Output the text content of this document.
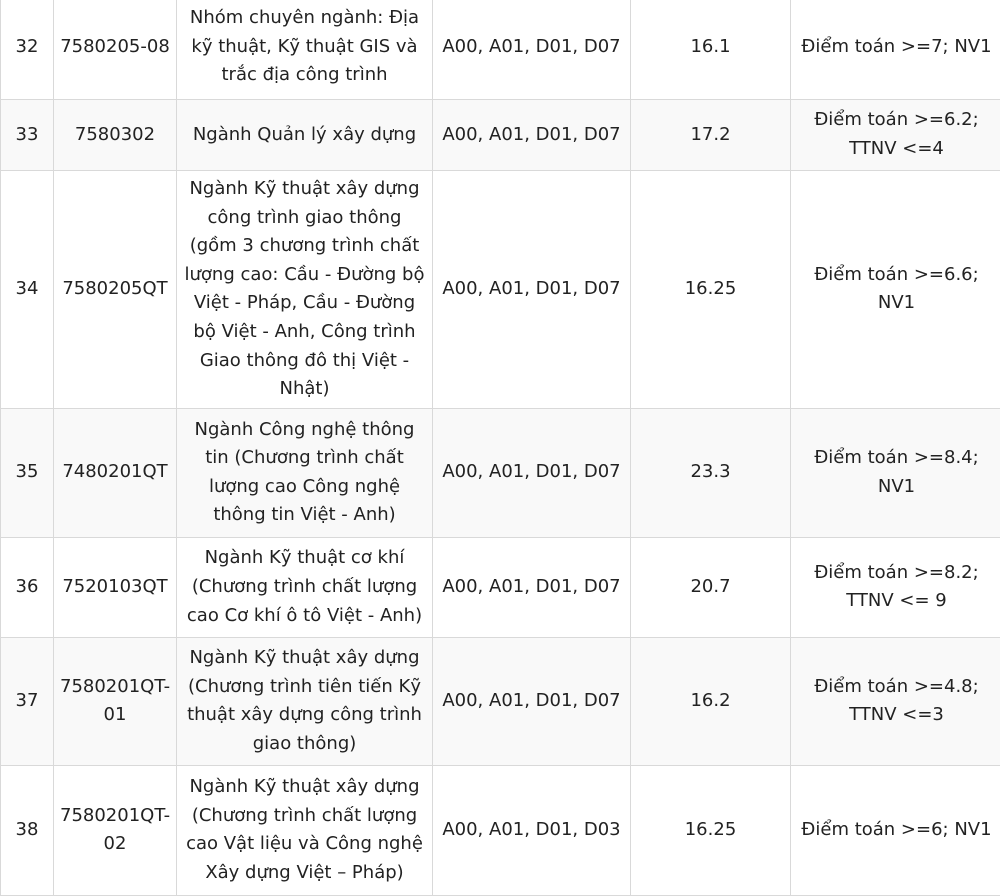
32	7580205-08	Nhóm chuyên ngành: Địa kỹ thuật, Kỹ thuật GIS và trắc địa công trình	A00, A01, D01, D07	16.1	Điểm toán >=7; NV1
33	7580302	Ngành Quản lý xây dựng	A00, A01, D01, D07	17.2	Điểm toán >=6.2; TTNV <=4
34	7580205QT	Ngành Kỹ thuật xây dựng công trình giao thông (gồm 3 chương trình chất lượng cao: Cầu - Đường bộ Việt - Pháp, Cầu - Đường bộ Việt - Anh, Công trình Giao thông đô thị Việt - Nhật)	A00, A01, D01, D07	16.25	Điểm toán >=6.6; NV1
35	7480201QT	Ngành Công nghệ thông tin (Chương trình chất lượng cao Công nghệ thông tin Việt - Anh)	A00, A01, D01, D07	23.3	Điểm toán >=8.4; NV1
36	7520103QT	Ngành Kỹ thuật cơ khí (Chương trình chất lượng cao Cơ khí ô tô Việt - Anh)	A00, A01, D01, D07	20.7	Điểm toán >=8.2; TTNV <= 9
37	7580201QT-01	Ngành Kỹ thuật xây dựng (Chương trình tiên tiến Kỹ thuật xây dựng công trình giao thông)	A00, A01, D01, D07	16.2	Điểm toán >=4.8; TTNV <=3
38	7580201QT-02	Ngành Kỹ thuật xây dựng (Chương trình chất lượng cao Vật liệu và Công nghệ Xây dựng Việt – Pháp)	A00, A01, D01, D03	16.25	Điểm toán >=6; NV1
